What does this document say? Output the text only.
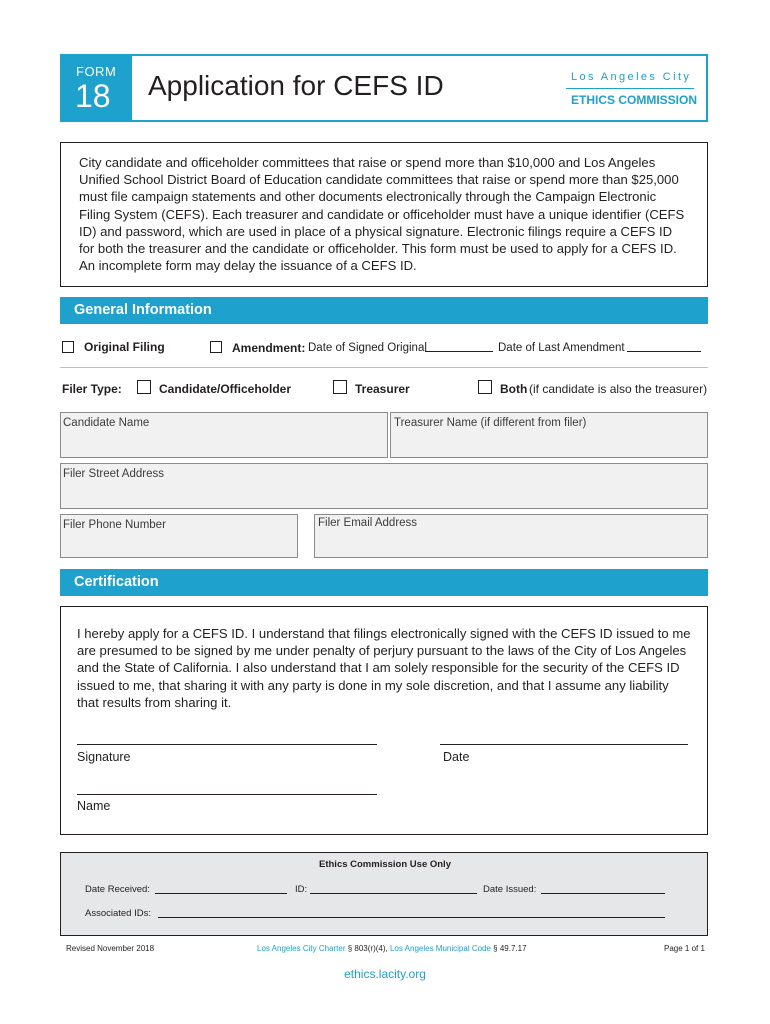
FORM
18 Application for CEFS ID	Los Angeles City
ETHICS COMMISSION
City candidate and officeholder committees that raise or spend more than $10,000 and Los Angeles Unified School District Board of Education candidate committees that raise or spend more than $25,000 must file campaign statements and other documents electronically through the Campaign Electronic Filing System (CEFS). Each treasurer and candidate or officeholder must have a unique identifier (CEFS ID) and password, which are used in place of a physical signature. Electronic filings require a CEFS ID for both the treasurer and the candidate or officeholder. This form must be used to apply for a CEFS ID. An incomplete form may delay the issuance of a CEFS ID.
General Information
Original Filing	Amendment: Date of Signed Original	Date of Last Amendment
Filer Type:	Candidate/Officeholder	Treasurer	Both (if candidate is also the treasurer)
Candidate Name	Treasurer Name (if different from filer)
Filer Street Address
Filer Phone Number	Filer Email Address
Certification
I hereby apply for a CEFS ID. I understand that filings electronically signed with the CEFS ID issued to me are presumed to be signed by me under penalty of perjury pursuant to the laws of the City of Los Angeles and the State of California. I also understand that I am solely responsible for the security of the CEFS ID issued to me, that sharing it with any party is done in my sole discretion, and that I assume any liability that results from sharing it.
Signature	Date
Name
Ethics Commission Use Only
Date Received:	ID:	Date Issued:
Associated IDs:
Revised November 2018	Los Angeles City Charter § 803(r)(4), Los Angeles Municipal Code § 49.7.17	Page 1 of 1
ethics.lacity.org
